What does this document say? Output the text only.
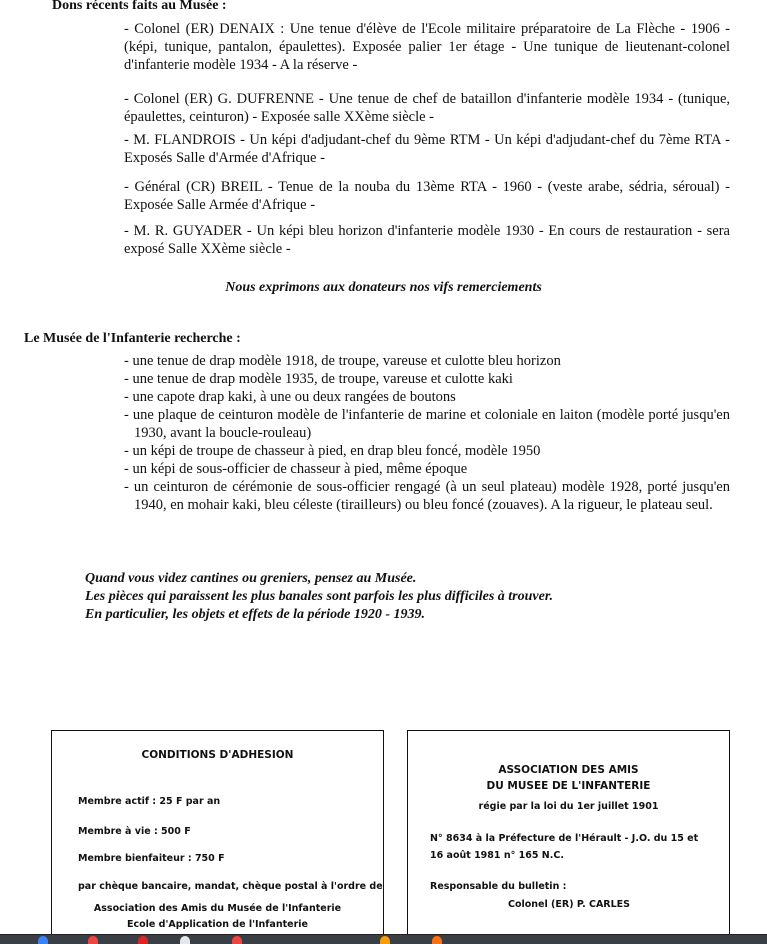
Dons récents faits au Musée :
- Colonel (ER) DENAIX : Une tenue d'élève de l'Ecole militaire préparatoire de La Flèche - 1906 - (képi, tunique, pantalon, épaulettes). Exposée palier 1er étage - Une tunique de lieutenant-colonel d'infanterie modèle 1934 - A la réserve -
- Colonel (ER) G. DUFRENNE - Une tenue de chef de bataillon d'infanterie modèle 1934 - (tunique, épaulettes, ceinturon) - Exposée salle XXème siècle -
- M. FLANDROIS - Un képi d'adjudant-chef du 9ème RTM - Un képi d'adjudant-chef du 7ème RTA - Exposés Salle d'Armée d'Afrique -
- Général (CR) BREIL - Tenue de la nouba du 13ème RTA - 1960 - (veste arabe, sédria, séroual) - Exposée Salle Armée d'Afrique -
- M. R. GUYADER - Un képi bleu horizon d'infanterie modèle 1930 - En cours de restauration - sera exposé Salle XXème siècle -
Nous exprimons aux donateurs nos vifs remerciements
Le Musée de l'Infanterie recherche :
- une tenue de drap modèle 1918, de troupe, vareuse et culotte bleu horizon
- une tenue de drap modèle 1935, de troupe, vareuse et culotte kaki
- une capote drap kaki, à une ou deux rangées de boutons
- une plaque de ceinturon modèle de l'infanterie de marine et coloniale en laiton (modèle porté jusqu'en 1930, avant la boucle-rouleau)
- un képi de troupe de chasseur à pied, en drap bleu foncé, modèle 1950
- un képi de sous-officier de chasseur à pied, même époque
- un ceinturon de cérémonie de sous-officier rengagé (à un seul plateau) modèle 1928, porté jusqu'en 1940, en mohair kaki, bleu céleste (tirailleurs) ou bleu foncé (zouaves). A la rigueur, le plateau seul.
Quand vous videz cantines ou greniers, pensez au Musée.
Les pièces qui paraissent les plus banales sont parfois les plus difficiles à trouver.
En particulier, les objets et effets de la période 1920 - 1939.
CONDITIONS D'ADHESION
Membre actif : 25 F par an
Membre à vie : 500 F
Membre bienfaiteur : 750 F
par chèque bancaire, mandat, chèque postal à l'ordre de
Association des Amis du Musée de l'Infanterie
Ecole d'Application de l'Infanterie
ASSOCIATION DES AMIS
DU MUSEE DE L'INFANTERIE
régie par la loi du 1er juillet 1901
N° 8634 à la Préfecture de l'Hérault - J.O. du 15 et
16 août 1981 n° 165 N.C.
Responsable du bulletin :
Colonel (ER) P. CARLES
